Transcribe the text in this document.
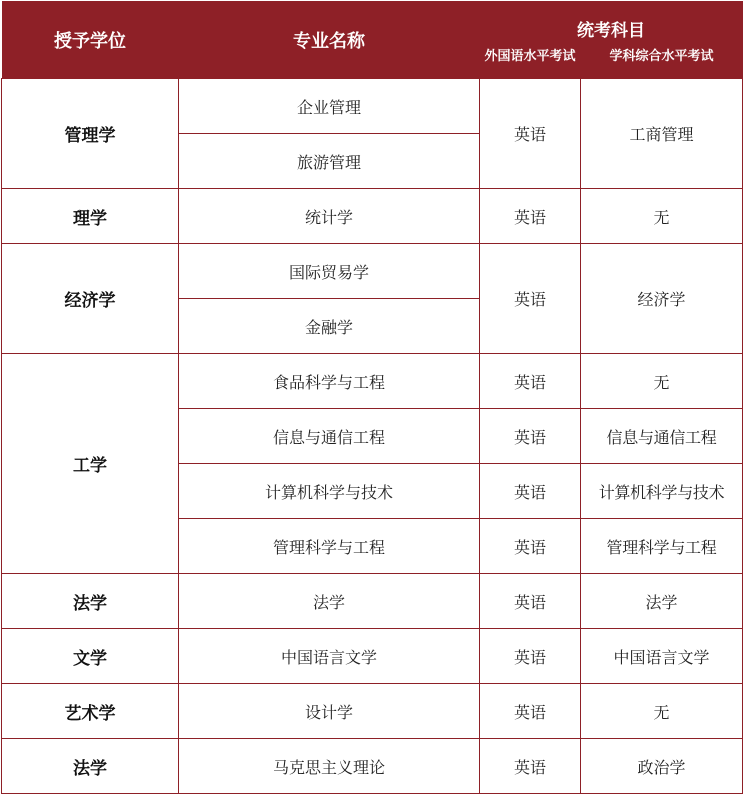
授予学位	专业名称	统考科目	
		外国语水平考试	学科综合水平考试
管理学	企业管理	英语	工商管理
	旅游管理		
理学	统计学	英语	无
经济学	国际贸易学	英语	经济学
	金融学		
工学	食品科学与工程	英语	无
	信息与通信工程	英语	信息与通信工程
	计算机科学与技术	英语	计算机科学与技术
	管理科学与工程	英语	管理科学与工程
法学	法学	英语	法学
文学	中国语言文学	英语	中国语言文学
艺术学	设计学	英语	无
法学	马克思主义理论	英语	政治学
